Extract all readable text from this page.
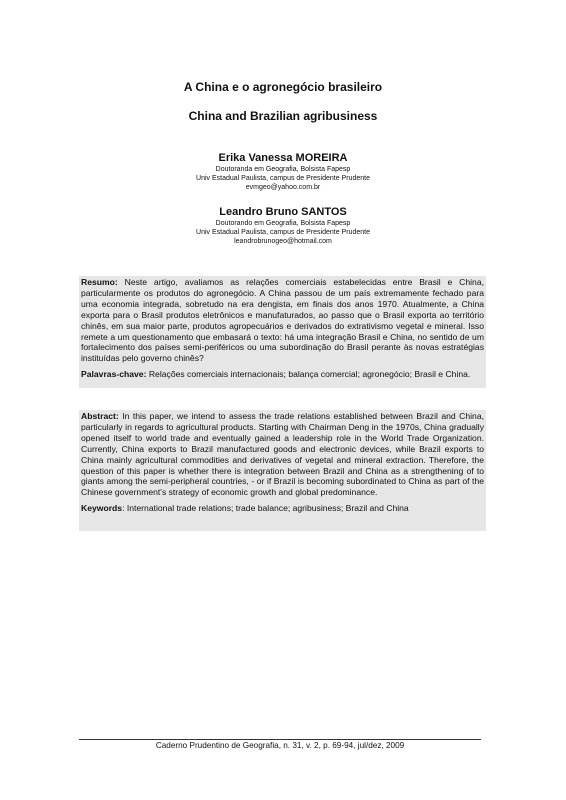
A China e o agronegócio brasileiro
China and Brazilian agribusiness
Erika Vanessa MOREIRA
Doutoranda em Geografia, Bolsista Fapesp
Univ Estadual Paulista, campus de Presidente Prudente
evmgeo@yahoo.com.br
Leandro Bruno SANTOS
Doutorando em Geografia, Bolsista Fapesp
Univ Estadual Paulista, campus de Presidente Prudente
leandrobrunogeo@hotmail.com

Resumo: Neste artigo, avaliamos as relações comerciais estabelecidas entre Brasil e China, particularmente os produtos do agronegócio. A China passou de um país extremamente fechado para uma economia integrada, sobretudo na era dengista, em finais dos anos 1970. Atualmente, a China exporta para o Brasil produtos eletrônicos e manufaturados, ao passo que o Brasil exporta ao território chinês, em sua maior parte, produtos agropecuários e derivados do extrativismo vegetal e mineral. Isso remete a um questionamento que embasará o texto: há uma integração Brasil e China, no sentido de um fortalecimento dos países semi-periféricos ou uma subordinação do Brasil perante às novas estratégias instituídas pelo governo chinês?

Palavras-chave: Relações comerciais internacionais; balança comercial; agronegócio; Brasil e China.

Abstract: In this paper, we intend to assess the trade relations established between Brazil and China, particularly in regards to agricultural products. Starting with Chairman Deng in the 1970s, China gradually opened itself to world trade and eventually gained a leadership role in the World Trade Organization. Currently, China exports to Brazil manufactured goods and electronic devices, while Brazil exports to China mainly agricultural commodities and derivatives of vegetal and mineral extraction. Therefore, the question of this paper is whether there is integration between Brazil and China as a strengthening of to giants among the semi-peripheral countries, - or if Brazil is becoming subordinated to China as part of the Chinese government's strategy of economic growth and global predominance.

Keywords: International trade relations; trade balance; agribusiness; Brazil and China

Caderno Prudentino de Geografia, n. 31, v. 2, p. 69-94, jul/dez, 2009
